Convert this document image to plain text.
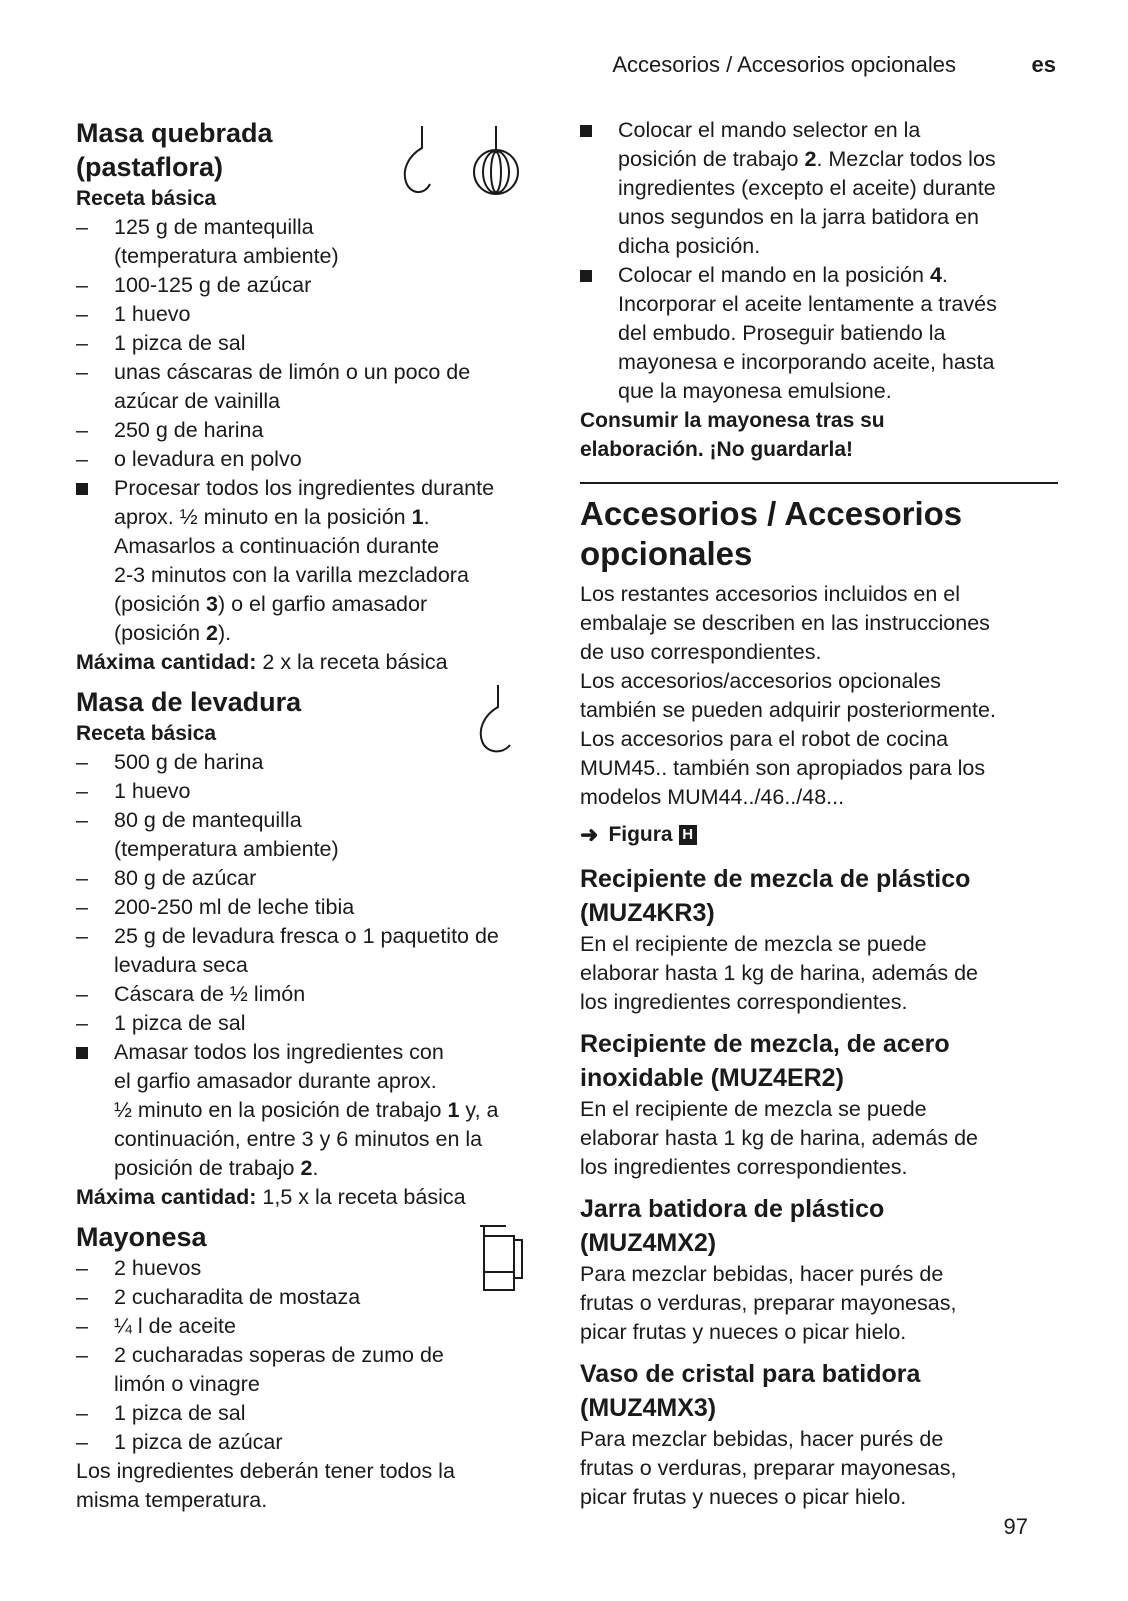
Accesorios / Accesorios opcionales	es
Masa quebrada
(pastaflora)
Receta básica
– 125 g de mantequilla
(temperatura ambiente)
– 100-125 g de azúcar
– 1 huevo
– 1 pizca de sal
– unas cáscaras de limón o un poco de
azúcar de vainilla
– 250 g de harina
– o levadura en polvo
Procesar todos los ingredientes durante
aprox. ½ minuto en la posición 1.
Amasarlos a continuación durante
2-3 minutos con la varilla mezcladora
(posición 3) o el garfio amasador
(posición 2).
Máxima cantidad: 2 x la receta básica
Masa de levadura
Receta básica
– 500 g de harina
– 1 huevo
– 80 g de mantequilla
(temperatura ambiente)
– 80 g de azúcar
– 200-250 ml de leche tibia
– 25 g de levadura fresca o 1 paquetito de
levadura seca
– Cáscara de ½ limón
– 1 pizca de sal
Amasar todos los ingredientes con
el garfio amasador durante aprox.
½ minuto en la posición de trabajo 1 y, a
continuación, entre 3 y 6 minutos en la
posición de trabajo 2.
Máxima cantidad: 1,5 x la receta básica
Mayonesa
– 2 huevos
– 2 cucharadita de mostaza
– ¼ l de aceite
– 2 cucharadas soperas de zumo de
limón o vinagre
– 1 pizca de sal
– 1 pizca de azúcar
Los ingredientes deberán tener todos la
misma temperatura.
Colocar el mando selector en la
posición de trabajo 2. Mezclar todos los
ingredientes (excepto el aceite) durante
unos segundos en la jarra batidora en
dicha posición.
Colocar el mando en la posición 4.
Incorporar el aceite lentamente a través
del embudo. Proseguir batiendo la
mayonesa e incorporando aceite, hasta
que la mayonesa emulsione.
Consumir la mayonesa tras su
elaboración. ¡No guardarla!
Accesorios / Accesorios
opcionales
Los restantes accesorios incluidos en el
embalaje se describen en las instrucciones
de uso correspondientes.
Los accesorios/accesorios opcionales
también se pueden adquirir posteriormente.
Los accesorios para el robot de cocina
MUM45.. también son apropiados para los
modelos MUM44../46../48...
➜ Figura H
Recipiente de mezcla de plástico
(MUZ4KR3)
En el recipiente de mezcla se puede
elaborar hasta 1 kg de harina, además de
los ingredientes correspondientes.
Recipiente de mezcla, de acero
inoxidable (MUZ4ER2)
En el recipiente de mezcla se puede
elaborar hasta 1 kg de harina, además de
los ingredientes correspondientes.
Jarra batidora de plástico
(MUZ4MX2)
Para mezclar bebidas, hacer purés de
frutas o verduras, preparar mayonesas,
picar frutas y nueces o picar hielo.
Vaso de cristal para batidora
(MUZ4MX3)
Para mezclar bebidas, hacer purés de
frutas o verduras, preparar mayonesas,
picar frutas y nueces o picar hielo.
97
